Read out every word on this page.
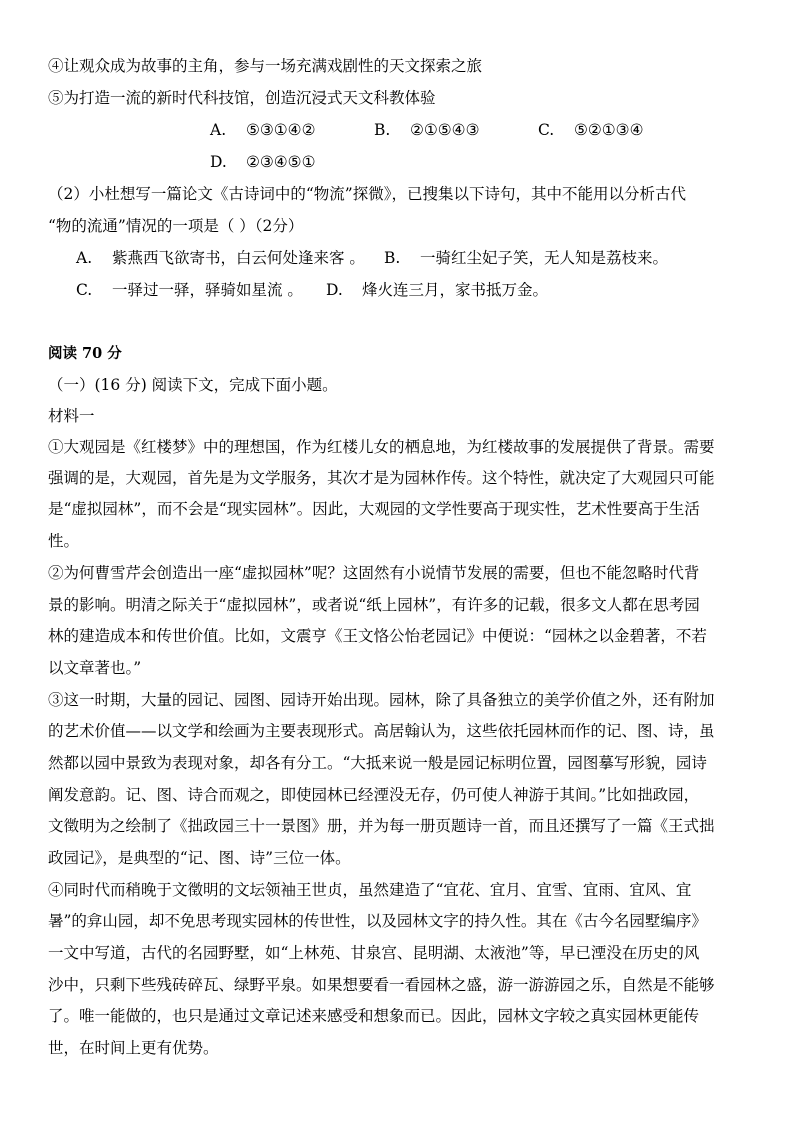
④让观众成为故事的主角，参与一场充满戏剧性的天文探索之旅
⑤为打造一流的新时代科技馆，创造沉浸式天文科教体验
A. ⑤③①④②	B. ②①⑤④③	C. ⑤②①③④
D. ②③④⑤①
（2）小杜想写一篇论文《古诗词中的“物流”探微》，已搜集以下诗句，其中不能用以分析古代
“物的流通”情况的一项是（ ）（2分）
A. 紫燕西飞欲寄书，白云何处逢来客 。 B. 一骑红尘妃子笑，无人知是荔枝来。
C. 一驿过一驿，驿骑如星流 。 D. 烽火连三月，家书抵万金。
阅读 70 分
（一）(16 分) 阅读下文，完成下面小题。
材料一
①大观园是《红楼梦》中的理想国，作为红楼儿女的栖息地，为红楼故事的发展提供了背景。需要
强调的是，大观园，首先是为文学服务，其次才是为园林作传。这个特性，就决定了大观园只可能
是“虚拟园林”，而不会是“现实园林”。因此，大观园的文学性要高于现实性，艺术性要高于生活
性。
②为何曹雪芹会创造出一座“虚拟园林”呢？这固然有小说情节发展的需要，但也不能忽略时代背
景的影响。明清之际关于“虚拟园林”，或者说“纸上园林”，有许多的记载，很多文人都在思考园
林的建造成本和传世价值。比如，文震亨《王文恪公怡老园记》中便说：“园林之以金碧著，不若
以文章著也。”
③这一时期，大量的园记、园图、园诗开始出现。园林，除了具备独立的美学价值之外，还有附加
的艺术价值——以文学和绘画为主要表现形式。高居翰认为，这些依托园林而作的记、图、诗，虽
然都以园中景致为表现对象，却各有分工。“大抵来说一般是园记标明位置，园图摹写形貌，园诗
阐发意韵。记、图、诗合而观之，即使园林已经湮没无存，仍可使人神游于其间。”比如拙政园，
文徵明为之绘制了《拙政园三十一景图》册，并为每一册页题诗一首，而且还撰写了一篇《王式拙
政园记》，是典型的“记、图、诗”三位一体。
④同时代而稍晚于文徵明的文坛领袖王世贞，虽然建造了“宜花、宜月、宜雪、宜雨、宜风、宜
暑”的弇山园，却不免思考现实园林的传世性，以及园林文字的持久性。其在《古今名园墅编序》
一文中写道，古代的名园野墅，如“上林苑、甘泉宫、昆明湖、太液池”等，早已湮没在历史的风
沙中，只剩下些残砖碎瓦、绿野平泉。如果想要看一看园林之盛，游一游游园之乐，自然是不能够
了。唯一能做的，也只是通过文章记述来感受和想象而已。因此，园林文字较之真实园林更能传
世，在时间上更有优势。
